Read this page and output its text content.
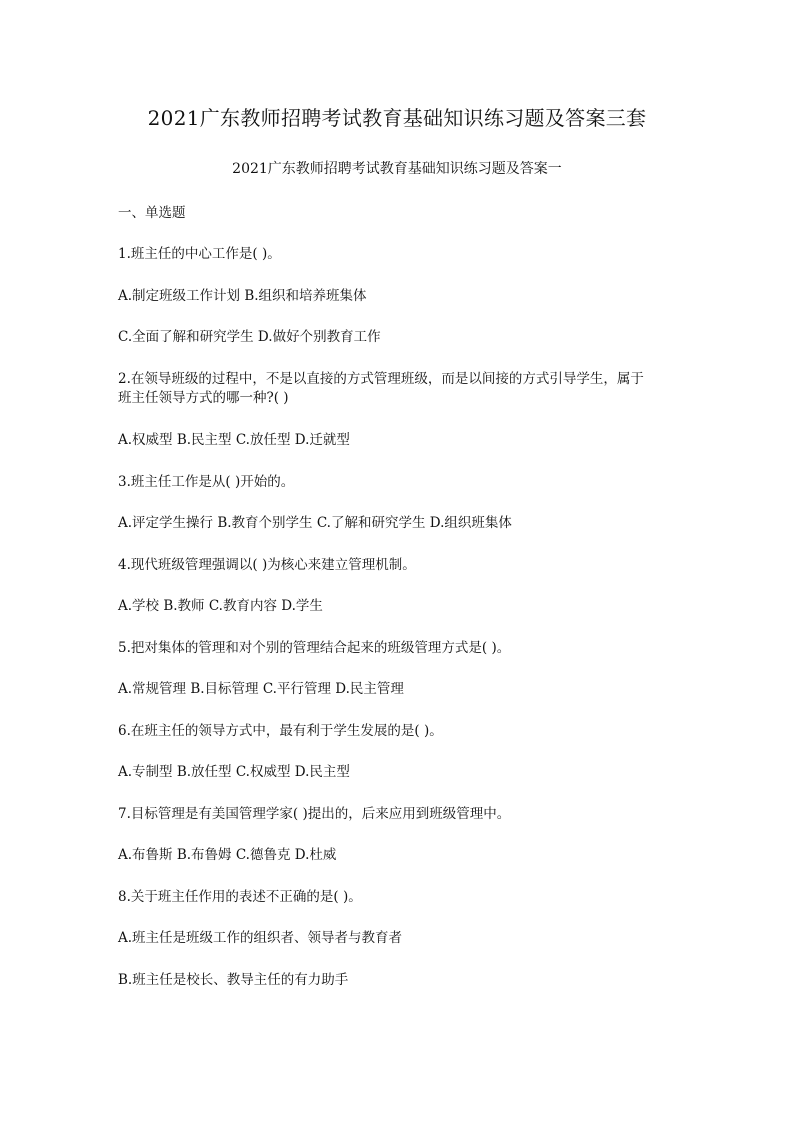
2021广东教师招聘考试教育基础知识练习题及答案三套
2021广东教师招聘考试教育基础知识练习题及答案一
一、单选题
1.班主任的中心工作是( )。
A.制定班级工作计划 B.组织和培养班集体
C.全面了解和研究学生 D.做好个别教育工作
2.在领导班级的过程中，不是以直接的方式管理班级，而是以间接的方式引导学生，属于
班主任领导方式的哪一种?( )
A.权威型 B.民主型 C.放任型 D.迁就型
3.班主任工作是从( )开始的。
A.评定学生操行 B.教育个别学生 C.了解和研究学生 D.组织班集体
4.现代班级管理强调以( )为核心来建立管理机制。
A.学校 B.教师 C.教育内容 D.学生
5.把对集体的管理和对个别的管理结合起来的班级管理方式是( )。
A.常规管理 B.目标管理 C.平行管理 D.民主管理
6.在班主任的领导方式中，最有利于学生发展的是( )。
A.专制型 B.放任型 C.权威型 D.民主型
7.目标管理是有美国管理学家( )提出的，后来应用到班级管理中。
A.布鲁斯 B.布鲁姆 C.德鲁克 D.杜威
8.关于班主任作用的表述不正确的是( )。
A.班主任是班级工作的组织者、领导者与教育者
B.班主任是校长、教导主任的有力助手
